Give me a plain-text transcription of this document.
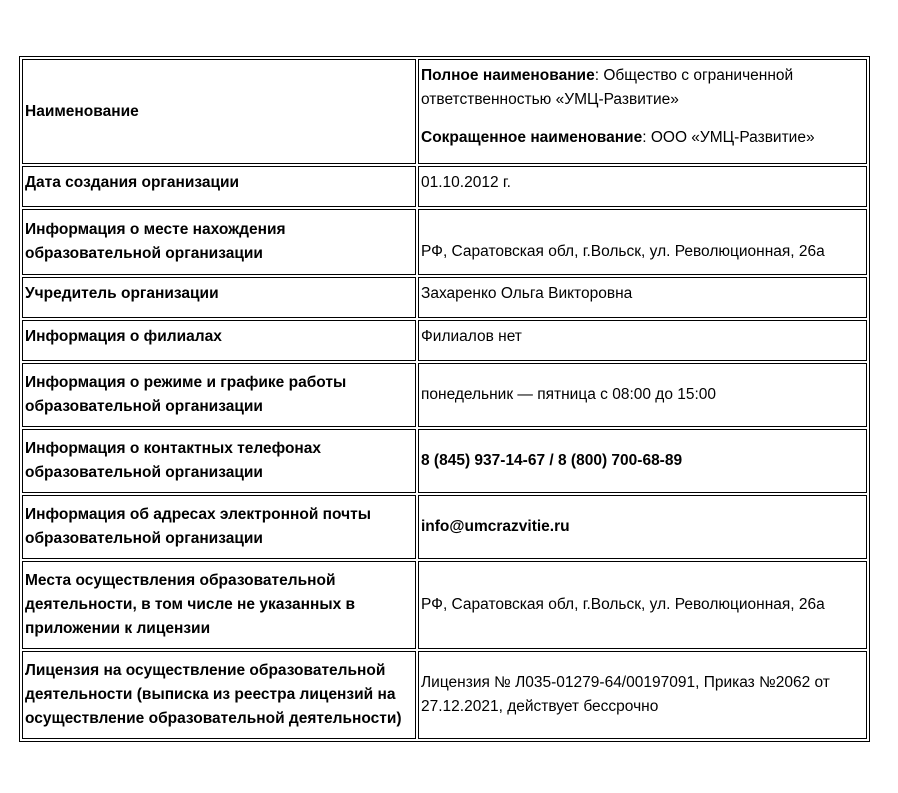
Наименование	Полное наименование: Общество с ограниченной ответственностью «УМЦ-Развитие»

Сокращенное наименование: ООО «УМЦ-Развитие»

Дата создания организации	01.10.2012 г.
Информация о месте нахождения образовательной организации	РФ, Саратовская обл, г.Вольск, ул. Революционная, 26а
Учредитель организации	Захаренко Ольга Викторовна
Информация о филиалах	Филиалов нет
Информация о режиме и графике работы образовательной организации	понедельник — пятница с 08:00 до 15:00
Информация о контактных телефонах образовательной организации	8 (845) 937-14-67 / 8 (800) 700-68-89
Информация об адресах электронной почты образовательной организации	info@umcrazvitie.ru
Места осуществления образовательной деятельности, в том числе не указанных в приложении к лицензии	РФ, Саратовская обл, г.Вольск, ул. Революционная, 26а
Лицензия на осуществление образовательной деятельности (выписка из реестра лицензий на осуществление образовательной деятельности)	Лицензия № Л035-01279-64/00197091, Приказ №2062 от 27.12.2021, действует бессрочно
